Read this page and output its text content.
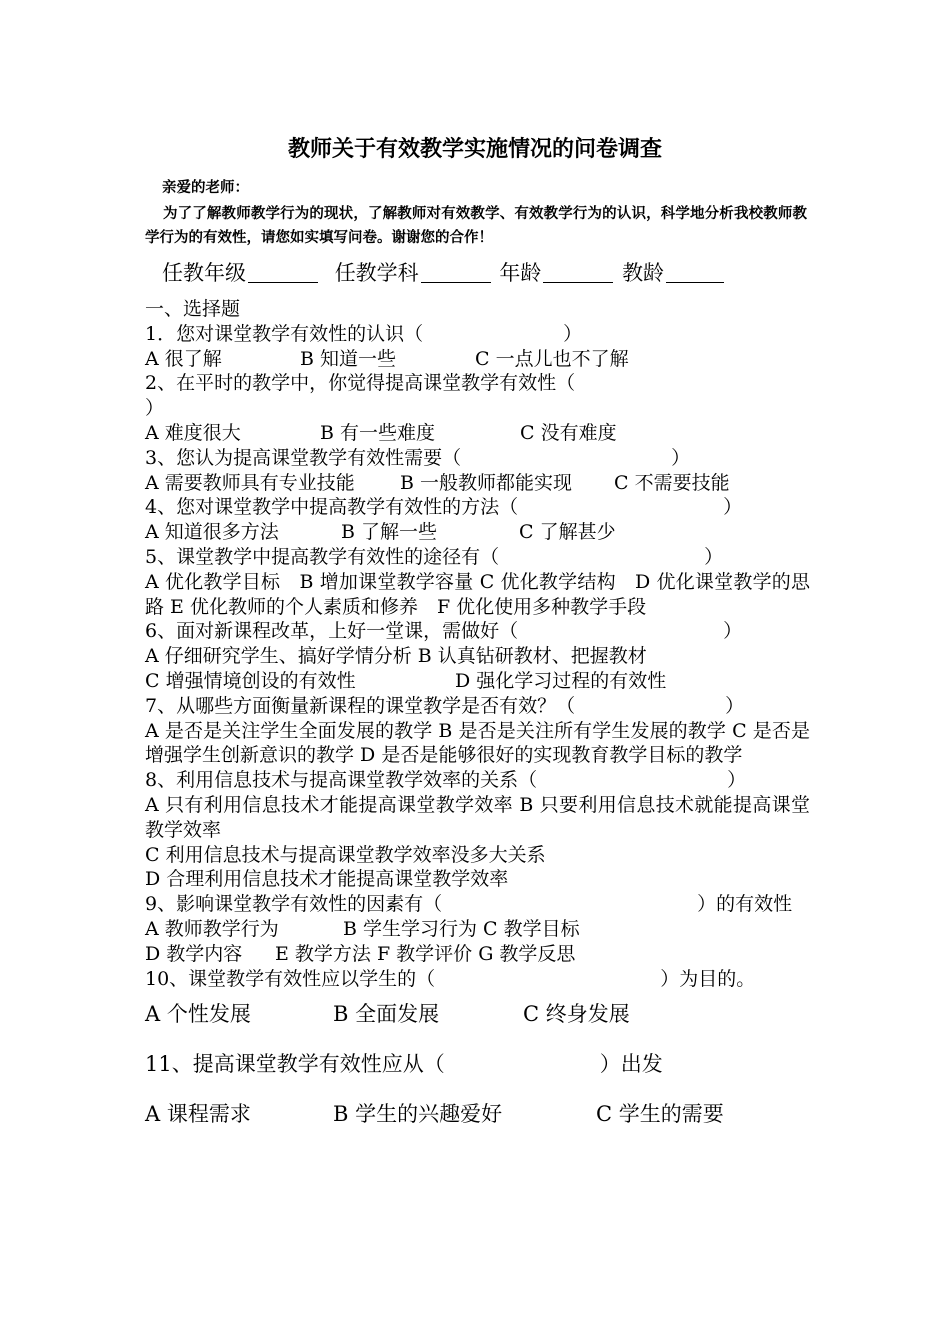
教师关于有效教学实施情况的问卷调查
亲爱的老师：
为了了解教师教学行为的现状，了解教师对有效教学、有效教学行为的认识，科学地分析我校教师教学行为的有效性，请您如实填写问卷。谢谢您的合作！
任教年级	任教学科	年龄	教龄
一、选择题
1．您对课堂教学有效性的认识（	）
A 很了解	B 知道一些	C 一点儿也不了解
2、在平时的教学中，你觉得提高课堂教学有效性（
）
A 难度很大	B 有一些难度	C 没有难度
3、您认为提高课堂教学有效性需要（	）
A 需要教师具有专业技能	B 一般教师都能实现	C 不需要技能
4、您对课堂教学中提高教学有效性的方法（	）
A 知道很多方法	B 了解一些	C 了解甚少
5、课堂教学中提高教学有效性的途径有（	）
A 优化教学目标　B 增加课堂教学容量 C 优化教学结构　D 优化课堂教学的思路 E 优化教师的个人素质和修养　F 优化使用多种教学手段
6、面对新课程改革，上好一堂课，需做好（	）
A 仔细研究学生、搞好学情分析 B 认真钻研教材、把握教材
C 增强情境创设的有效性	D 强化学习过程的有效性
7、从哪些方面衡量新课程的课堂教学是否有效？（	）
A 是否是关注学生全面发展的教学 B 是否是关注所有学生发展的教学 C 是否是增强学生创新意识的教学 D 是否是能够很好的实现教育教学目标的教学
8、利用信息技术与提高课堂教学效率的关系（	）
A 只有利用信息技术才能提高课堂教学效率 B 只要利用信息技术就能提高课堂教学效率
C 利用信息技术与提高课堂教学效率没多大关系
D 合理利用信息技术才能提高课堂教学效率
9、影响课堂教学有效性的因素有（	）的有效性
A 教师教学行为	B 学生学习行为 C 教学目标
D 教学内容	E 教学方法 F 教学评价 G 教学反思
10、课堂教学有效性应以学生的（	）为目的。
A 个性发展	B 全面发展	C 终身发展
11、提高课堂教学有效性应从（	）出发
A 课程需求	B 学生的兴趣爱好	C 学生的需要
